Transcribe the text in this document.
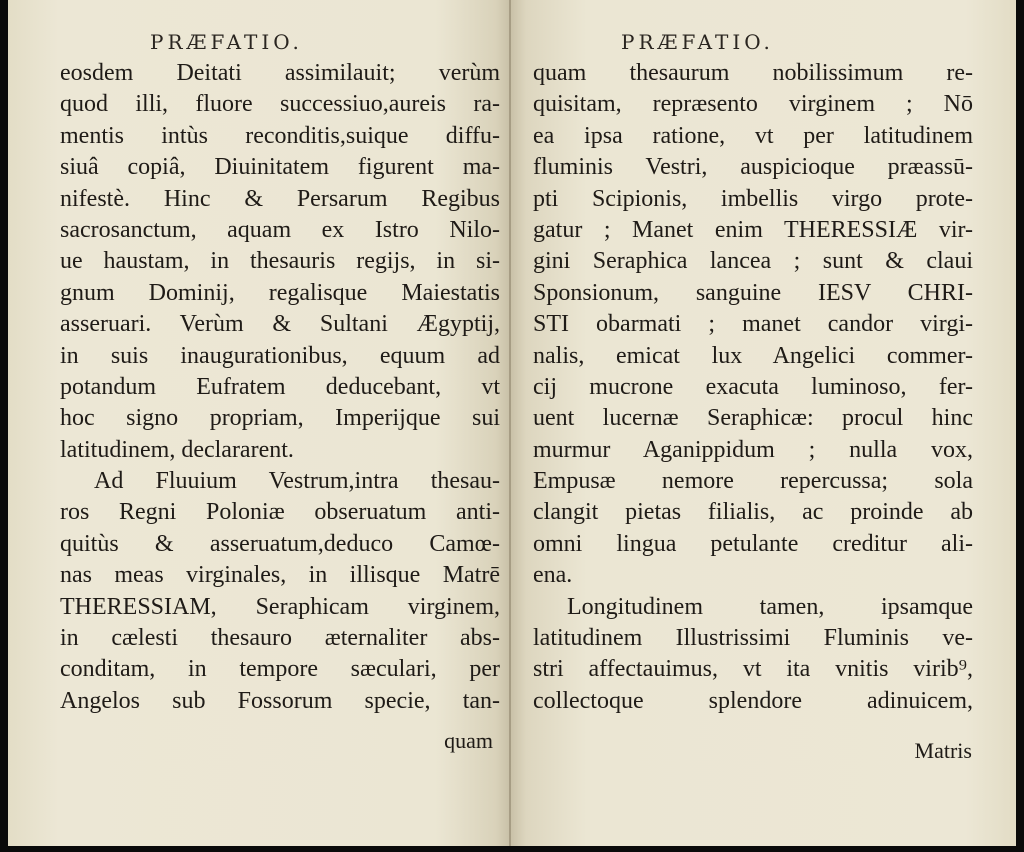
PRÆFATIO.
eosdem Deitati assimilauit; verùm
quod illi, fluore successiuo,aureis ra-
mentis intùs reconditis,suique diffu-
siuâ copiâ, Diuinitatem figurent ma-
nifestè. Hinc & Persarum Regibus
sacrosanctum, aquam ex Istro Nilo-
ue haustam, in thesauris regijs, in si-
gnum Dominij, regalisque Maiestatis
asseruari. Verùm & Sultani Ægyptij,
in suis inaugurationibus, equum ad
potandum Eufratem deducebant, vt
hoc signo propriam, Imperijque sui
latitudinem, declararent.
Ad Fluuium Vestrum,intra thesau-
ros Regni Poloniæ obseruatum anti-
quitùs & asseruatum,deduco Camœ-
nas meas virginales, in illisque Matrē
THERESSIAM, Seraphicam virginem,
in cælesti thesauro æternaliter abs-
conditam, in tempore sæculari, per
Angelos sub Fossorum specie, tan-
quam
PRÆFATIO.
quam thesaurum nobilissimum re-
quisitam, repræsento virginem ; Nō
ea ipsa ratione, vt per latitudinem
fluminis Vestri, auspicioque præassū-
pti Scipionis, imbellis virgo prote-
gatur ; Manet enim THERESSIÆ vir-
gini Seraphica lancea ; sunt & claui
Sponsionum, sanguine IESV CHRI-
STI obarmati ; manet candor virgi-
nalis, emicat lux Angelici commer-
cij mucrone exacuta luminoso, fer-
uent lucernæ Seraphicæ: procul hinc
murmur Aganippidum ; nulla vox,
Empusæ nemore repercussa; sola
clangit pietas filialis, ac proinde ab
omni lingua petulante creditur ali-
ena.
Longitudinem tamen, ipsamque
latitudinem Illustrissimi Fluminis ve-
stri affectauimus, vt ita vnitis virib⁹,
collectoque splendore adinuicem,
Matris
